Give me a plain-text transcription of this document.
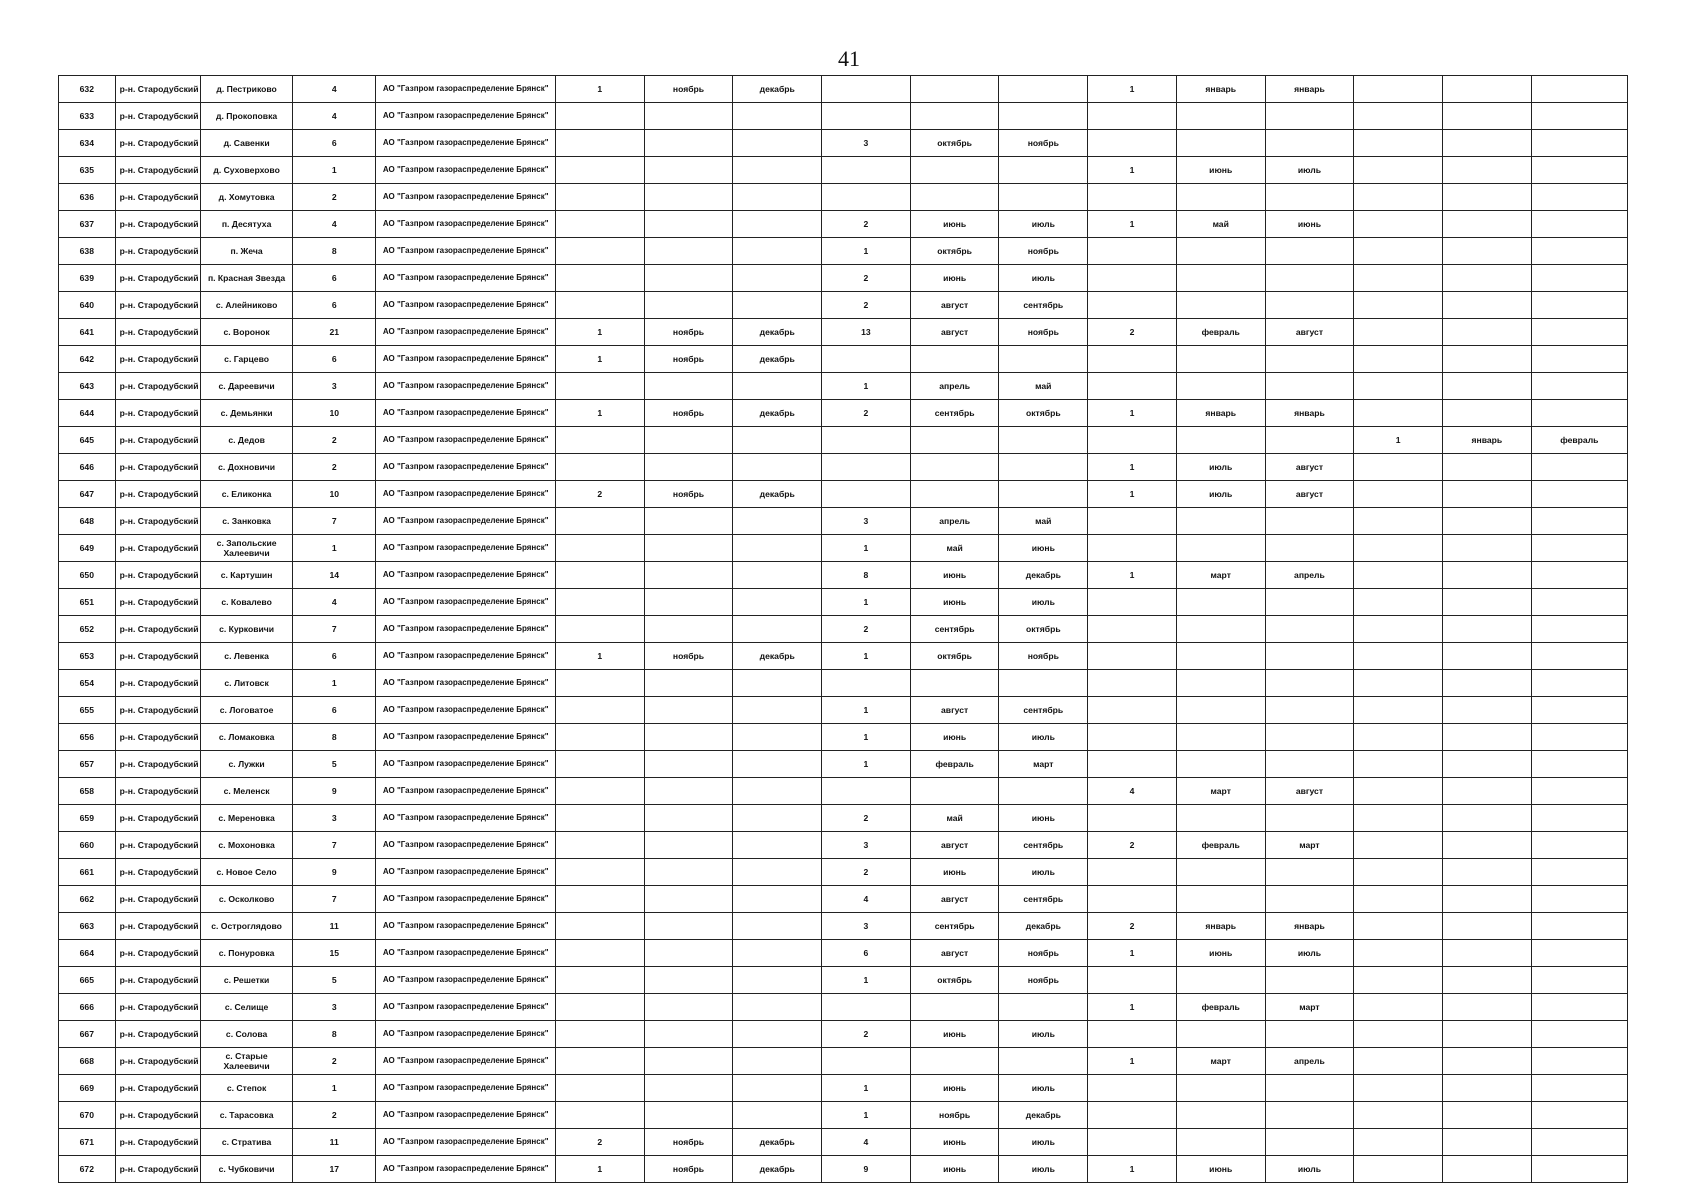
41
632	р-н. Стародубский	д. Пестриково	4	АО "Газпром газораспределение Брянск"	1	ноябрь	декабрь				1	январь	январь			
633	р-н. Стародубский	д. Прокоповка	4	АО "Газпром газораспределение Брянск"												
634	р-н. Стародубский	д. Савенки	6	АО "Газпром газораспределение Брянск"				3	октябрь	ноябрь						
635	р-н. Стародубский	д. Суховерхово	1	АО "Газпром газораспределение Брянск"							1	июнь	июль			
636	р-н. Стародубский	д. Хомутовка	2	АО "Газпром газораспределение Брянск"												
637	р-н. Стародубский	п. Десятуха	4	АО "Газпром газораспределение Брянск"				2	июнь	июль	1	май	июнь			
638	р-н. Стародубский	п. Жеча	8	АО "Газпром газораспределение Брянск"				1	октябрь	ноябрь						
639	р-н. Стародубский	п. Красная Звезда	6	АО "Газпром газораспределение Брянск"				2	июнь	июль						
640	р-н. Стародубский	с. Алейниково	6	АО "Газпром газораспределение Брянск"				2	август	сентябрь						
641	р-н. Стародубский	с. Воронок	21	АО "Газпром газораспределение Брянск"	1	ноябрь	декабрь	13	август	ноябрь	2	февраль	август			
642	р-н. Стародубский	с. Гарцево	6	АО "Газпром газораспределение Брянск"	1	ноябрь	декабрь									
643	р-н. Стародубский	с. Дареевичи	3	АО "Газпром газораспределение Брянск"				1	апрель	май						
644	р-н. Стародубский	с. Демьянки	10	АО "Газпром газораспределение Брянск"	1	ноябрь	декабрь	2	сентябрь	октябрь	1	январь	январь			
645	р-н. Стародубский	с. Дедов	2	АО "Газпром газораспределение Брянск"										1	январь	февраль
646	р-н. Стародубский	с. Дохновичи	2	АО "Газпром газораспределение Брянск"							1	июль	август			
647	р-н. Стародубский	с. Еликонка	10	АО "Газпром газораспределение Брянск"	2	ноябрь	декабрь				1	июль	август			
648	р-н. Стародубский	с. Занковка	7	АО "Газпром газораспределение Брянск"				3	апрель	май						
649	р-н. Стародубский	с. Запольские Халеевичи	1	АО "Газпром газораспределение Брянск"				1	май	июнь						
650	р-н. Стародубский	с. Картушин	14	АО "Газпром газораспределение Брянск"				8	июнь	декабрь	1	март	апрель			
651	р-н. Стародубский	с. Ковалево	4	АО "Газпром газораспределение Брянск"				1	июнь	июль						
652	р-н. Стародубский	с. Курковичи	7	АО "Газпром газораспределение Брянск"				2	сентябрь	октябрь						
653	р-н. Стародубский	с. Левенка	6	АО "Газпром газораспределение Брянск"	1	ноябрь	декабрь	1	октябрь	ноябрь						
654	р-н. Стародубский	с. Литовск	1	АО "Газпром газораспределение Брянск"												
655	р-н. Стародубский	с. Логоватое	6	АО "Газпром газораспределение Брянск"				1	август	сентябрь						
656	р-н. Стародубский	с. Ломаковка	8	АО "Газпром газораспределение Брянск"				1	июнь	июль						
657	р-н. Стародубский	с. Лужки	5	АО "Газпром газораспределение Брянск"				1	февраль	март						
658	р-н. Стародубский	с. Меленск	9	АО "Газпром газораспределение Брянск"							4	март	август			
659	р-н. Стародубский	с. Мереновка	3	АО "Газпром газораспределение Брянск"				2	май	июнь						
660	р-н. Стародубский	с. Мохоновка	7	АО "Газпром газораспределение Брянск"				3	август	сентябрь	2	февраль	март			
661	р-н. Стародубский	с. Новое Село	9	АО "Газпром газораспределение Брянск"				2	июнь	июль						
662	р-н. Стародубский	с. Осколково	7	АО "Газпром газораспределение Брянск"				4	август	сентябрь						
663	р-н. Стародубский	с. Остроглядово	11	АО "Газпром газораспределение Брянск"				3	сентябрь	декабрь	2	январь	январь			
664	р-н. Стародубский	с. Понуровка	15	АО "Газпром газораспределение Брянск"				6	август	ноябрь	1	июнь	июль			
665	р-н. Стародубский	с. Решетки	5	АО "Газпром газораспределение Брянск"				1	октябрь	ноябрь						
666	р-н. Стародубский	с. Селище	3	АО "Газпром газораспределение Брянск"							1	февраль	март			
667	р-н. Стародубский	с. Солова	8	АО "Газпром газораспределение Брянск"				2	июнь	июль						
668	р-н. Стародубский	с. Старые Халеевичи	2	АО "Газпром газораспределение Брянск"							1	март	апрель			
669	р-н. Стародубский	с. Степок	1	АО "Газпром газораспределение Брянск"				1	июнь	июль						
670	р-н. Стародубский	с. Тарасовка	2	АО "Газпром газораспределение Брянск"				1	ноябрь	декабрь						
671	р-н. Стародубский	с. Стратива	11	АО "Газпром газораспределение Брянск"	2	ноябрь	декабрь	4	июнь	июль						
672	р-н. Стародубский	с. Чубковичи	17	АО "Газпром газораспределение Брянск"	1	ноябрь	декабрь	9	июнь	июль	1	июнь	июль			
